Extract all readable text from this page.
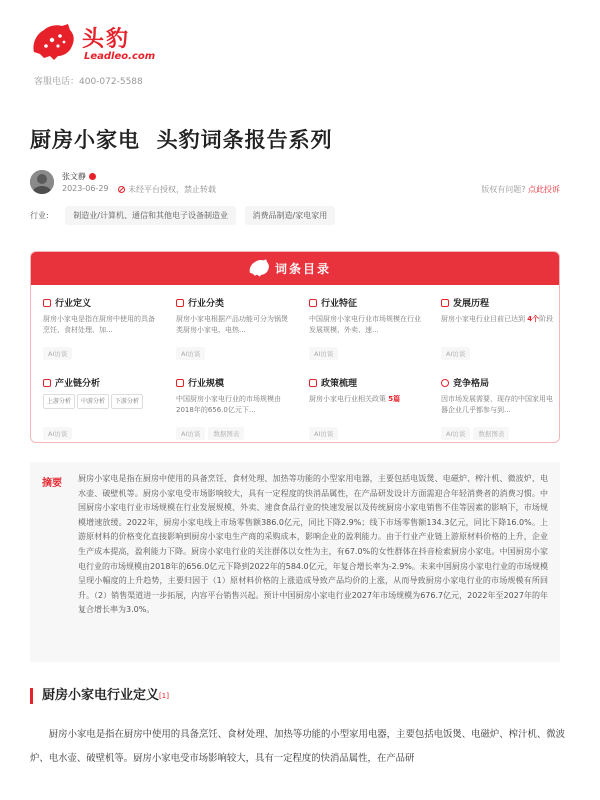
头豹
Leadleo.com
客服电话：400-072-5588
厨房小家电  头豹词条报告系列
张文静
2023-06-29	未经平台授权，禁止转载	版权有问题? 点此投诉
行业:	制造业/计算机、通信和其他电子设备制造业	消费品制造/家电家用
词条目录
行业定义
厨房小家电是指在厨房中使用的具备烹饪、食材处理、加...
AI访谈
行业分类
厨房小家电根据产品功能可分为锅煲类厨房小家电、电热...
AI访谈
行业特征
中国厨房小家电行业市场规模在行业发展规模、外卖、速...
AI访谈
发展历程
厨房小家电行业目前已达到 4个阶段
AI访谈
产业链分析
上游分析 中游分析 下游分析
AI访谈
行业规模
中国厨房小家电行业的市场规模由2018年的656.0亿元下...
AI访谈 数据图表
政策梳理
厨房小家电行业相关政策 5篇
AI访谈
竞争格局
因市场发展需要，现存的中国家用电器企业几乎都参与到...
AI访谈 数据图表
摘要 厨房小家电是指在厨房中使用的具备烹饪、食材处理、加热等功能的小型家用电器，主要包括电饭煲、电磁炉、榨汁机、微波炉、电水壶、破壁机等。厨房小家电受市场影响较大，具有一定程度的快消品属性，在产品研发设计方面需迎合年轻消费者的消费习惯。中国厨房小家电行业市场规模在行业发展规模、外卖、速食食品行业的快速发展以及传统厨房小家电销售不佳等因素的影响下，市场规模增速放缓。2022年，厨房小家电线上市场零售额386.0亿元，同比下降2.9%；线下市场零售额134.3亿元，同比下降16.0%。上游原材料的价格变化直接影响到厨房小家电生产商的采购成本，影响企业的盈利能力。由于行业产业链上游原材料价格的上升，企业生产成本提高，盈利能力下降。厨房小家电行业的关注群体以女性为主，有67.0%的女性群体在抖音检索厨房小家电。中国厨房小家电行业的市场规模由2018年的656.0亿元下降到2022年的584.0亿元，年复合增长率为-2.9%。未来中国厨房小家电行业的市场规模呈现小幅度的上升趋势，主要归因于（1）原材料价格的上涨造成导致产品均价的上涨，从而导致厨房小家电行业的市场规模有所回升。（2）销售渠道进一步拓展，内容平台销售兴起。预计中国厨房小家电行业2027年市场规模为676.7亿元，2022年至2027年的年复合增长率为3.0%。

厨房小家电行业定义[1]

厨房小家电是指在厨房中使用的具备烹饪、食材处理、加热等功能的小型家用电器，主要包括电饭煲、电磁炉、榨汁机、微波炉、电水壶、破壁机等。厨房小家电受市场影响较大，具有一定程度的快消品属性，在产品研
